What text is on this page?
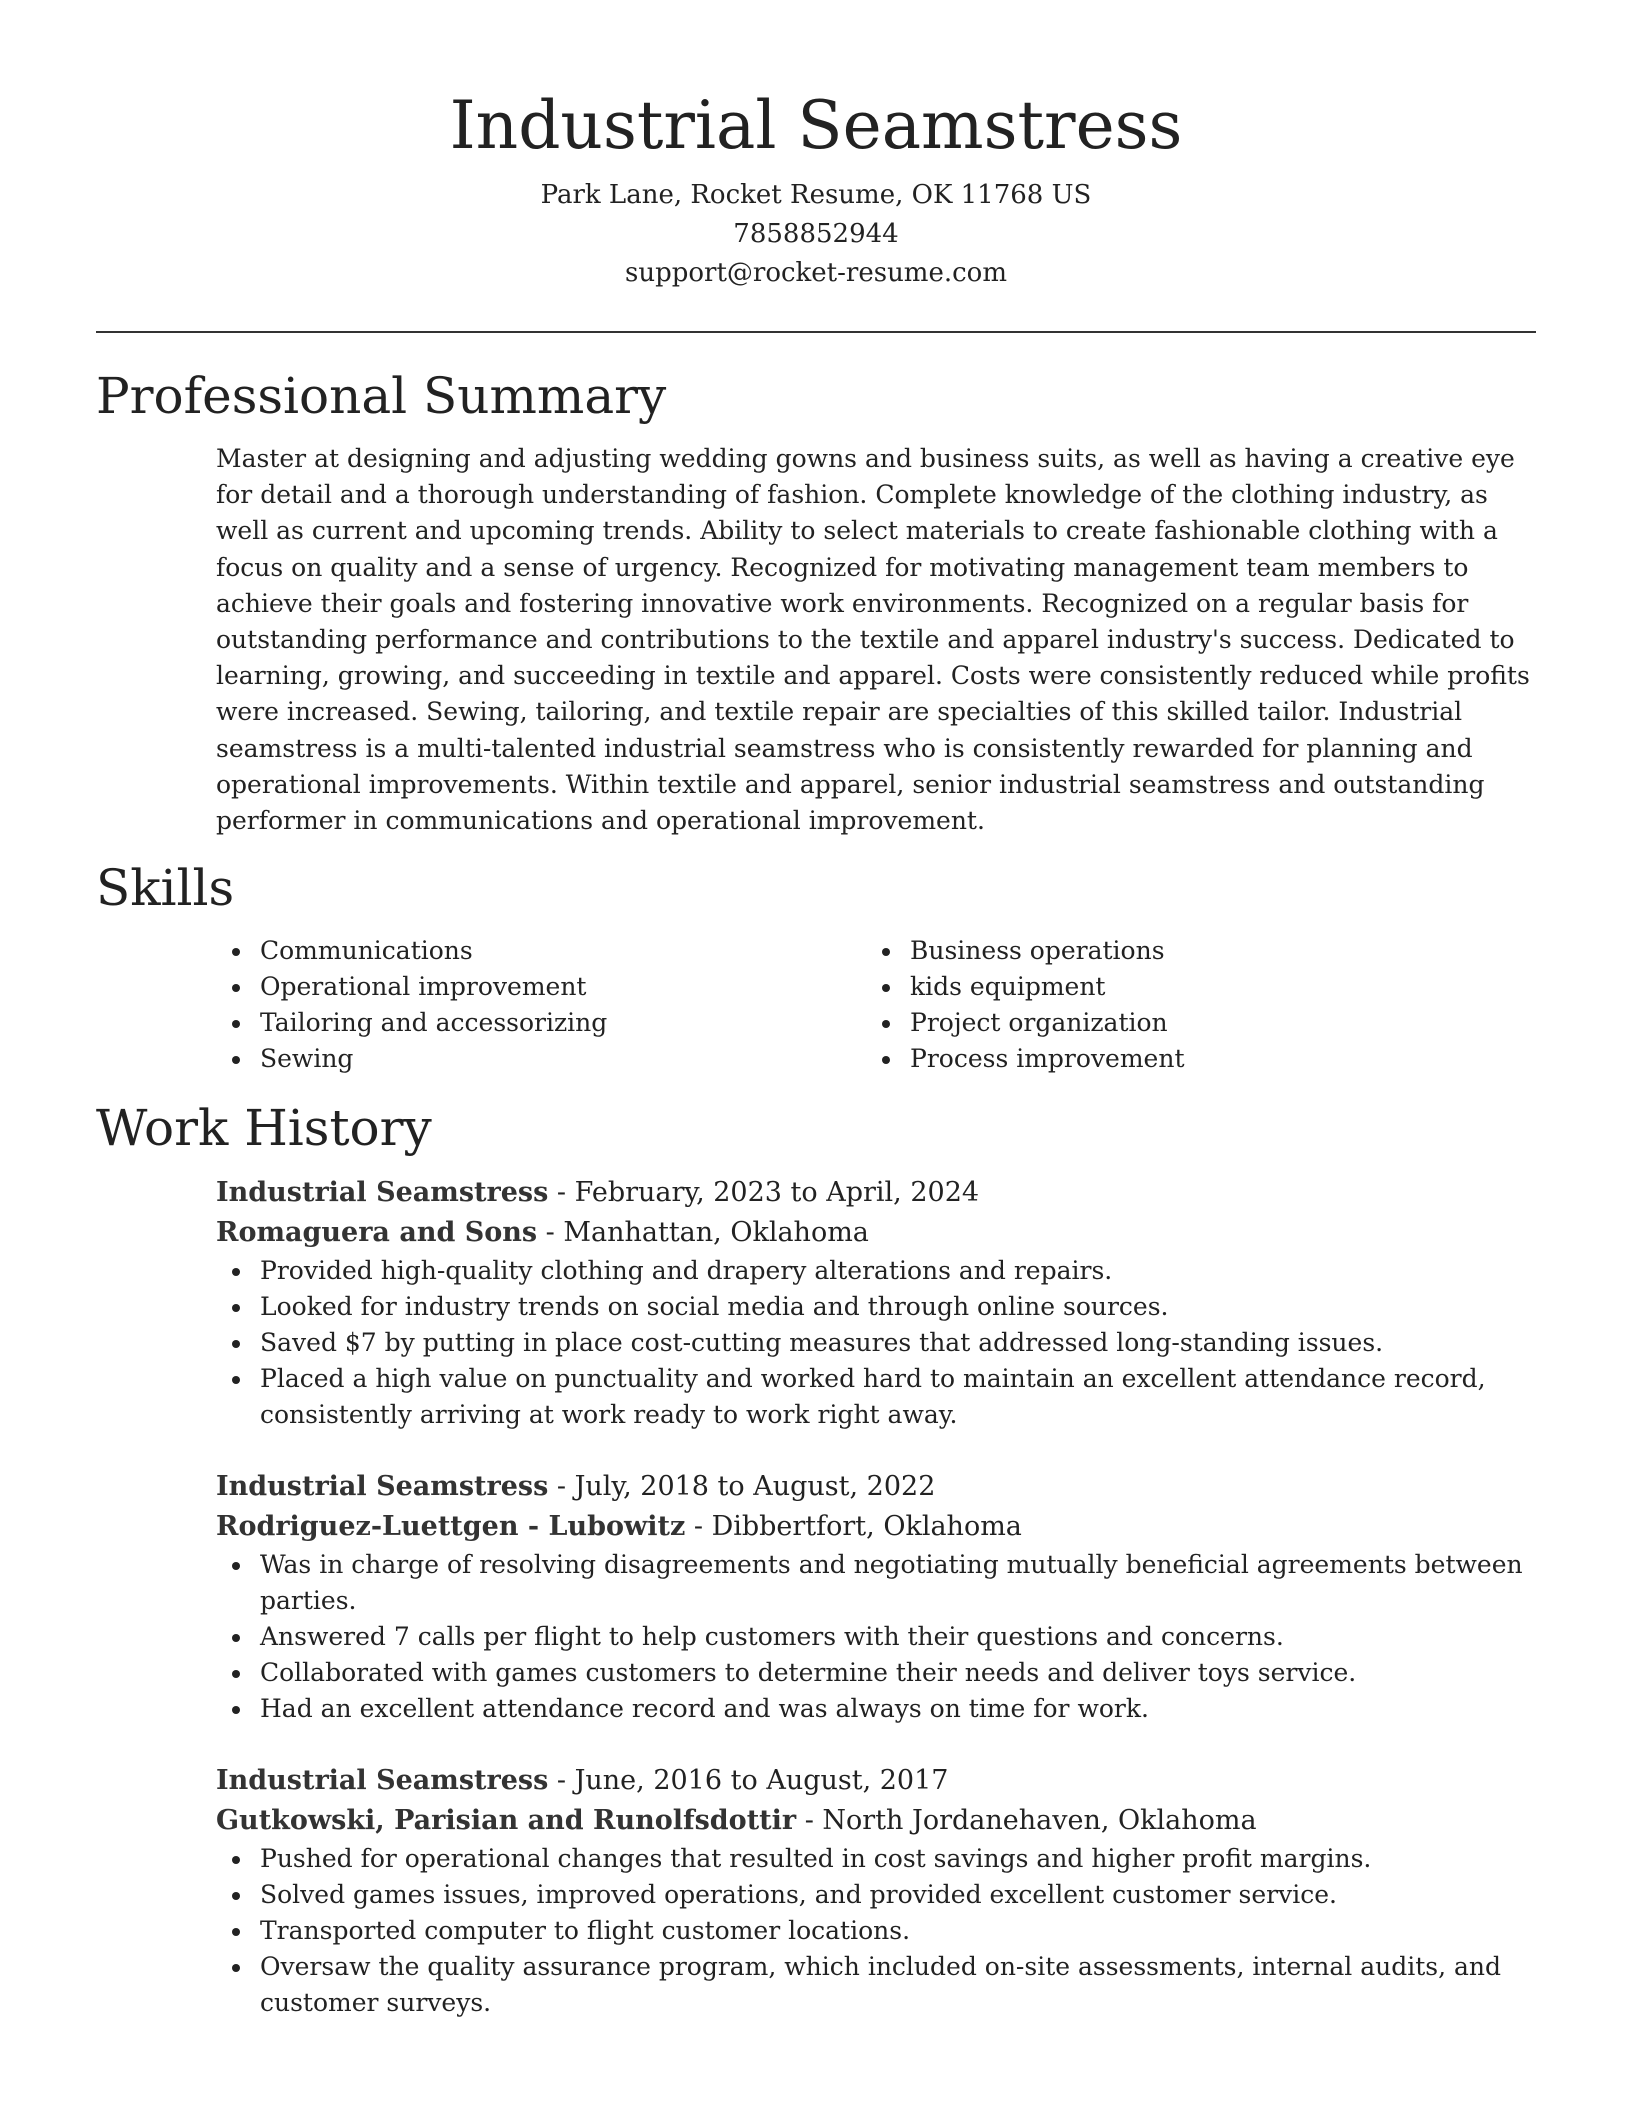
Industrial Seamstress
Park Lane, Rocket Resume, OK 11768 US
7858852944
support@rocket-resume.com
Professional Summary
Master at designing and adjusting wedding gowns and business suits, as well as having a creative eye for detail and a thorough understanding of fashion. Complete knowledge of the clothing industry, as well as current and upcoming trends. Ability to select materials to create fashionable clothing with a focus on quality and a sense of urgency. Recognized for motivating management team members to achieve their goals and fostering innovative work environments. Recognized on a regular basis for outstanding performance and contributions to the textile and apparel industry's success. Dedicated to learning, growing, and succeeding in textile and apparel. Costs were consistently reduced while profits were increased. Sewing, tailoring, and textile repair are specialties of this skilled tailor. Industrial seamstress is a multi-talented industrial seamstress who is consistently rewarded for planning and operational improvements. Within textile and apparel, senior industrial seamstress and outstanding performer in communications and operational improvement.
Skills
Communications
Operational improvement
Tailoring and accessorizing
Sewing
Business operations
kids equipment
Project organization
Process improvement
Work History
Industrial Seamstress - February, 2023 to April, 2024
Romaguera and Sons - Manhattan, Oklahoma
Provided high-quality clothing and drapery alterations and repairs.
Looked for industry trends on social media and through online sources.
Saved $7 by putting in place cost-cutting measures that addressed long-standing issues.
Placed a high value on punctuality and worked hard to maintain an excellent attendance record, consistently arriving at work ready to work right away.
Industrial Seamstress - July, 2018 to August, 2022
Rodriguez-Luettgen - Lubowitz - Dibbertfort, Oklahoma
Was in charge of resolving disagreements and negotiating mutually beneficial agreements between parties.
Answered 7 calls per flight to help customers with their questions and concerns.
Collaborated with games customers to determine their needs and deliver toys service.
Had an excellent attendance record and was always on time for work.
Industrial Seamstress - June, 2016 to August, 2017
Gutkowski, Parisian and Runolfsdottir - North Jordanehaven, Oklahoma
Pushed for operational changes that resulted in cost savings and higher profit margins.
Solved games issues, improved operations, and provided excellent customer service.
Transported computer to flight customer locations.
Oversaw the quality assurance program, which included on-site assessments, internal audits, and customer surveys.
